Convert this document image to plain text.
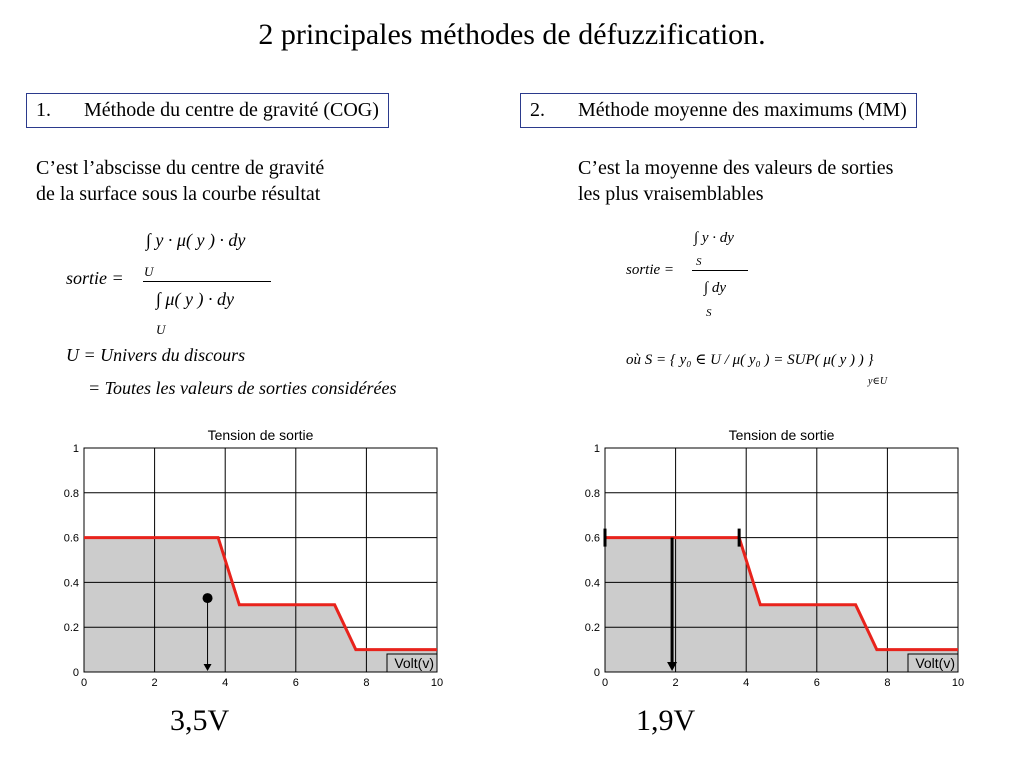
2 principales méthodes de défuzzification.
1. Méthode du centre de gravité (COG)	2. Méthode moyenne des maximums (MM)
C’est l’abscisse du centre de gravité
de la surface sous la courbe résultat
C’est la moyenne des valeurs de sorties
les plus vraisemblables
sortie =
∫ y · μ( y ) · dy
U
∫ μ( y ) · dy
U
U = Univers du discours
= Toutes les valeurs de sorties considérées
sortie =
∫ y · dy
S
∫ dy
S
où S = { y₀ ∈ U / μ( y₀ ) = SUP( μ( y ) ) }
y∈U
0	2	4	6	8	10
0
0.2
0.4
0.6
0.8
1
Tension de sortie
Volt(v)
0	2	4	6	8	10
0
0.2
0.4
0.6
0.8
1
Tension de sortie
Volt(v)
3,5V	1,9V
